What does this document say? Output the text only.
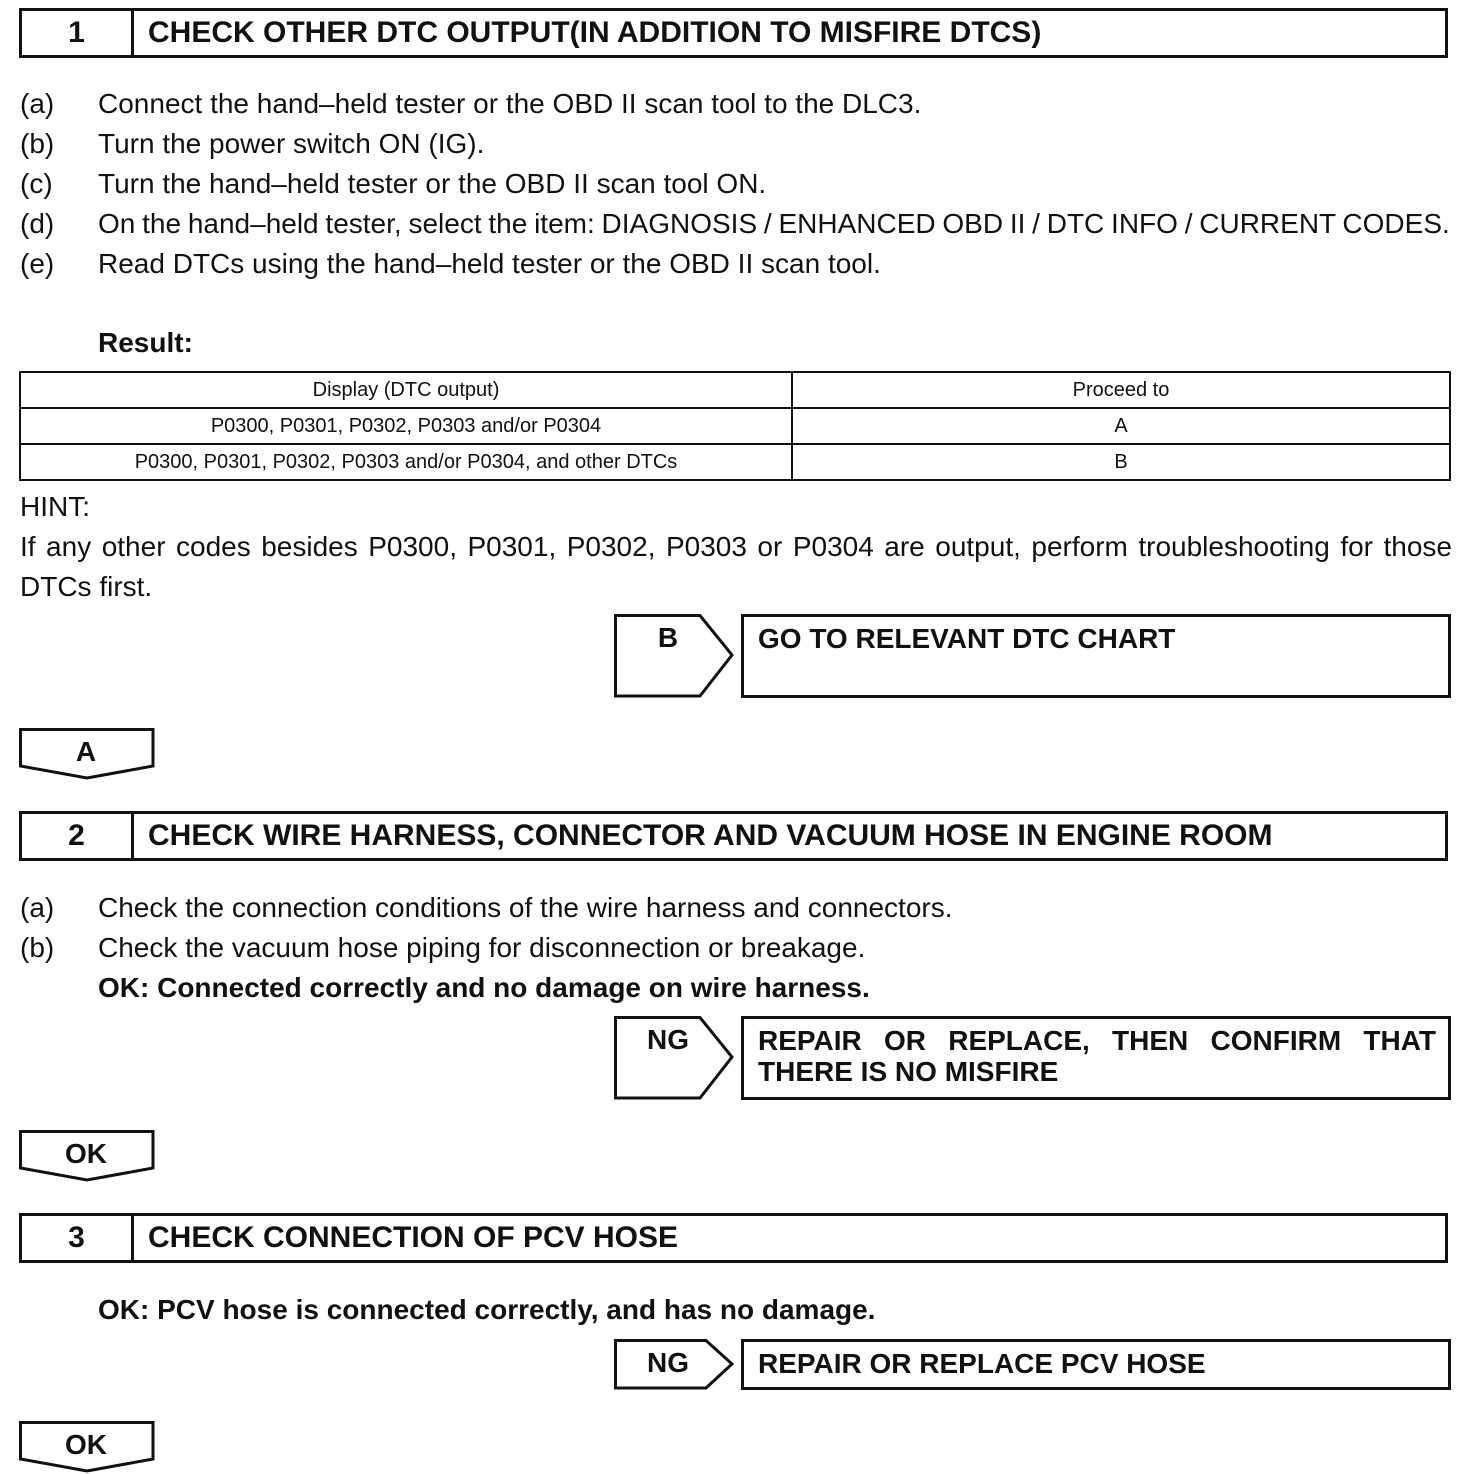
1	CHECK OTHER DTC OUTPUT(IN ADDITION TO MISFIRE DTCS)
(a)	Connect the hand–held tester or the OBD II scan tool to the DLC3.
(b)	Turn the power switch ON (IG).
(c)	Turn the hand–held tester or the OBD II scan tool ON.
(d)	On the hand–held tester, select the item: DIAGNOSIS / ENHANCED OBD II / DTC INFO / CURRENT CODES.
(e)	Read DTCs using the hand–held tester or the OBD II scan tool.
Result:
Display (DTC output)	Proceed to
P0300, P0301, P0302, P0303 and/or P0304	A
P0300, P0301, P0302, P0303 and/or P0304, and other DTCs	B
HINT:
If any other codes besides P0300, P0301, P0302, P0303 or P0304 are output, perform troubleshooting for those DTCs first.
B	GO TO RELEVANT DTC CHART
A
2	CHECK WIRE HARNESS, CONNECTOR AND VACUUM HOSE IN ENGINE ROOM
(a)	Check the connection conditions of the wire harness and connectors.
(b)	Check the vacuum hose piping for disconnection or breakage.
OK: Connected correctly and no damage on wire harness.
NG	REPAIR OR REPLACE, THEN CONFIRM THAT THERE IS NO MISFIRE
OK
3	CHECK CONNECTION OF PCV HOSE
OK: PCV hose is connected correctly, and has no damage.
NG	REPAIR OR REPLACE PCV HOSE
OK
